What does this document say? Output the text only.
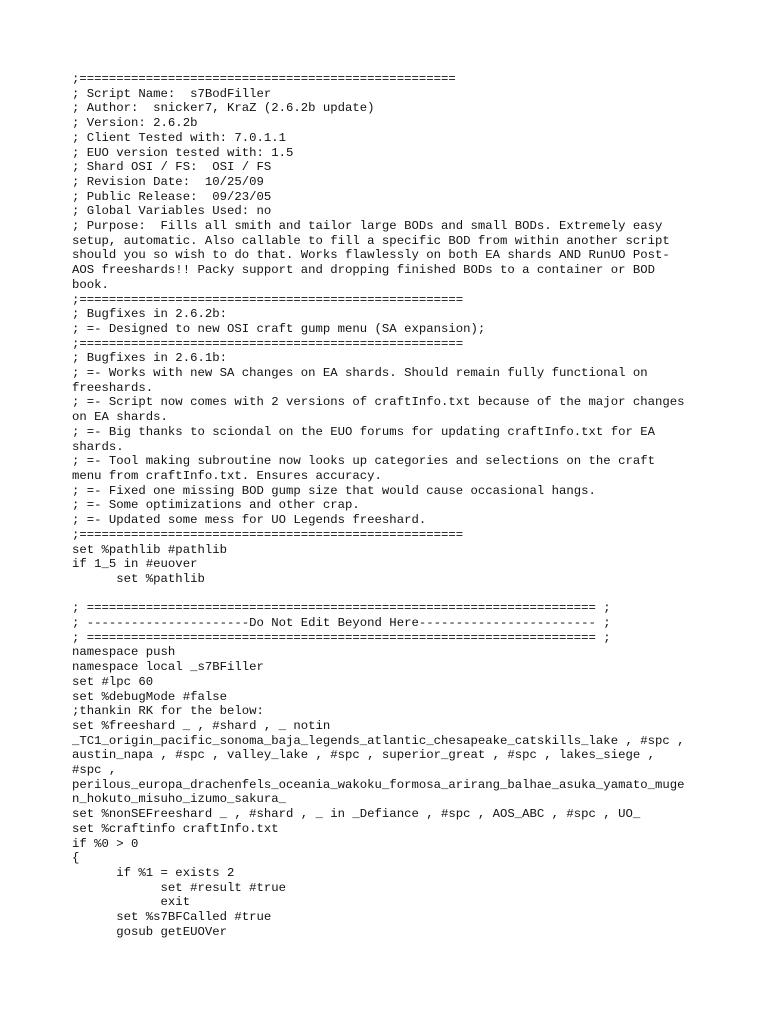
;===================================================
; Script Name:  s7BodFiller
; Author:  snicker7, KraZ (2.6.2b update)
; Version: 2.6.2b
; Client Tested with: 7.0.1.1
; EUO version tested with: 1.5
; Shard OSI / FS:  OSI / FS
; Revision Date:  10/25/09
; Public Release:  09/23/05
; Global Variables Used: no
; Purpose:  Fills all smith and tailor large BODs and small BODs. Extremely easy
setup, automatic. Also callable to fill a specific BOD from within another script
should you so wish to do that. Works flawlessly on both EA shards AND RunUO Post-
AOS freeshards!! Packy support and dropping finished BODs to a container or BOD
book.
;====================================================
; Bugfixes in 2.6.2b:
; =- Designed to new OSI craft gump menu (SA expansion);
;====================================================
; Bugfixes in 2.6.1b:
; =- Works with new SA changes on EA shards. Should remain fully functional on
freeshards.
; =- Script now comes with 2 versions of craftInfo.txt because of the major changes
on EA shards.
; =- Big thanks to sciondal on the EUO forums for updating craftInfo.txt for EA
shards.
; =- Tool making subroutine now looks up categories and selections on the craft
menu from craftInfo.txt. Ensures accuracy.
; =- Fixed one missing BOD gump size that would cause occasional hangs.
; =- Some optimizations and other crap.
; =- Updated some mess for UO Legends freeshard.
;====================================================
set %pathlib #pathlib
if 1_5 in #euover
set %pathlib
; ===================================================================== ;
; ----------------------Do Not Edit Beyond Here------------------------ ;
; ===================================================================== ;
namespace push
namespace local _s7BFiller
set #lpc 60
set %debugMode #false
;thankin RK for the below:
set %freeshard _ , #shard , _ notin
_TC1_origin_pacific_sonoma_baja_legends_atlantic_chesapeake_catskills_lake , #spc ,
austin_napa , #spc , valley_lake , #spc , superior_great , #spc , lakes_siege ,
#spc ,
perilous_europa_drachenfels_oceania_wakoku_formosa_arirang_balhae_asuka_yamato_muge
n_hokuto_misuho_izumo_sakura_
set %nonSEFreeshard _ , #shard , _ in _Defiance , #spc , AOS_ABC , #spc , UO_
set %craftinfo craftInfo.txt
if %0 > 0
{
if %1 = exists 2
set #result #true
exit
set %s7BFCalled #true
gosub getEUOVer
